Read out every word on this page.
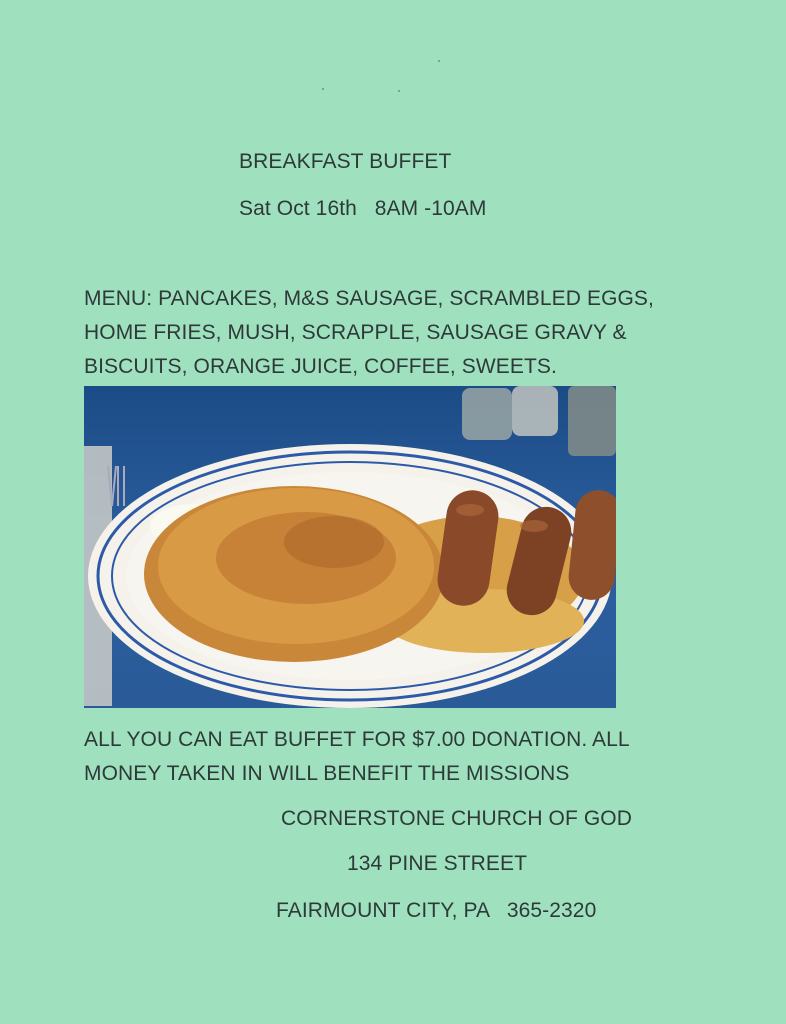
BREAKFAST BUFFET
Sat Oct 16th   8AM -10AM
MENU: PANCAKES, M&S SAUSAGE, SCRAMBLED EGGS,
HOME FRIES, MUSH, SCRAPPLE, SAUSAGE GRAVY &
BISCUITS, ORANGE JUICE, COFFEE, SWEETS.
ALL YOU CAN EAT BUFFET FOR $7.00 DONATION. ALL
MONEY TAKEN IN WILL BENEFIT THE MISSIONS
CORNERSTONE CHURCH OF GOD
134 PINE STREET
FAIRMOUNT CITY, PA   365-2320
